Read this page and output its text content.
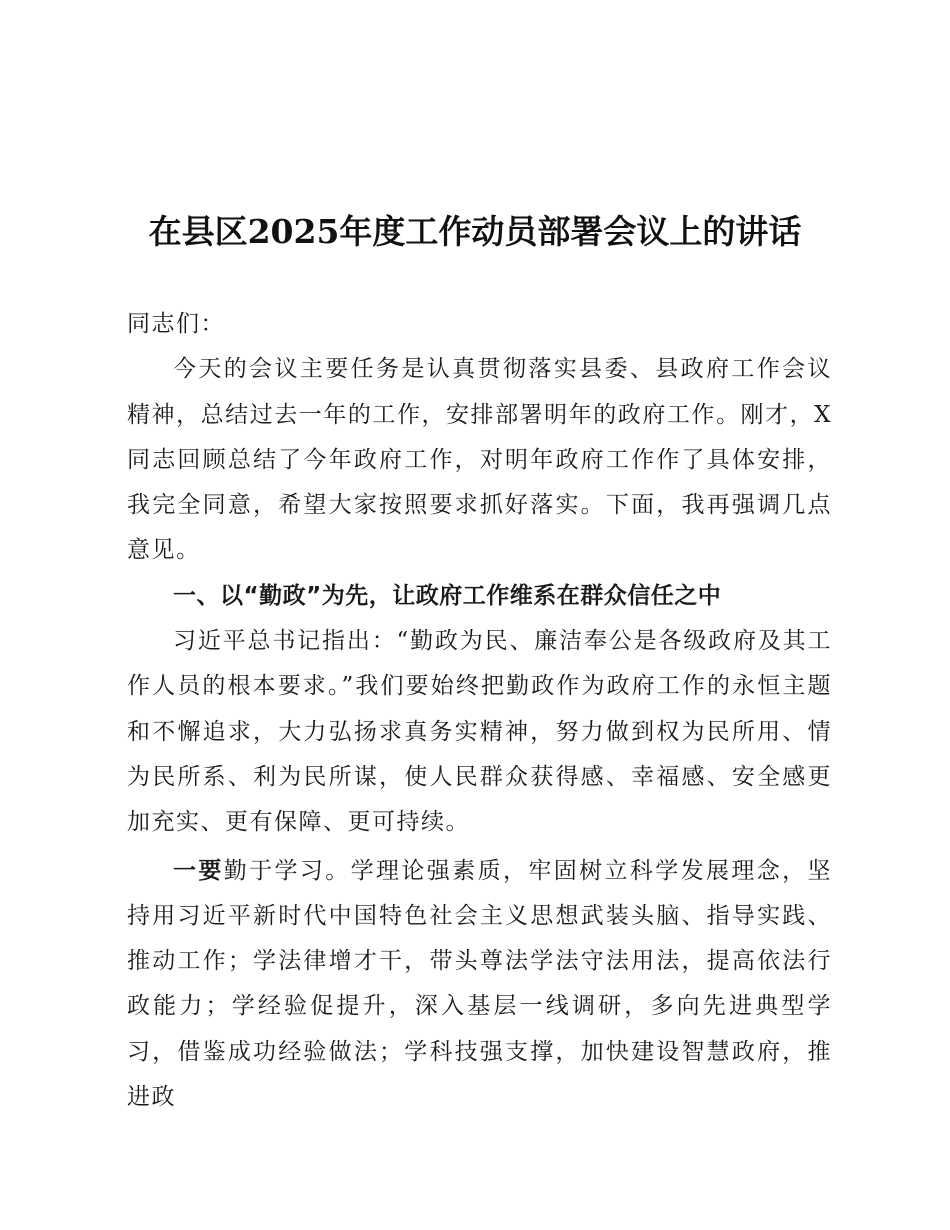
在县区2025年度工作动员部署会议上的讲话

同志们：

今天的会议主要任务是认真贯彻落实县委、县政府工作会议精神，总结过去一年的工作，安排部署明年的政府工作。刚才，X同志回顾总结了今年政府工作，对明年政府工作作了具体安排，我完全同意，希望大家按照要求抓好落实。下面，我再强调几点意见。

一、以“勤政”为先，让政府工作维系在群众信任之中

习近平总书记指出：“勤政为民、廉洁奉公是各级政府及其工作人员的根本要求。”我们要始终把勤政作为政府工作的永恒主题和不懈追求，大力弘扬求真务实精神，努力做到权为民所用、情为民所系、利为民所谋，使人民群众获得感、幸福感、安全感更加充实、更有保障、更可持续。

一要勤于学习。学理论强素质，牢固树立科学发展理念，坚持用习近平新时代中国特色社会主义思想武装头脑、指导实践、推动工作；学法律增才干，带头尊法学法守法用法，提高依法行政能力；学经验促提升，深入基层一线调研，多向先进典型学习，借鉴成功经验做法；学科技强支撑，加快建设智慧政府，推进政
